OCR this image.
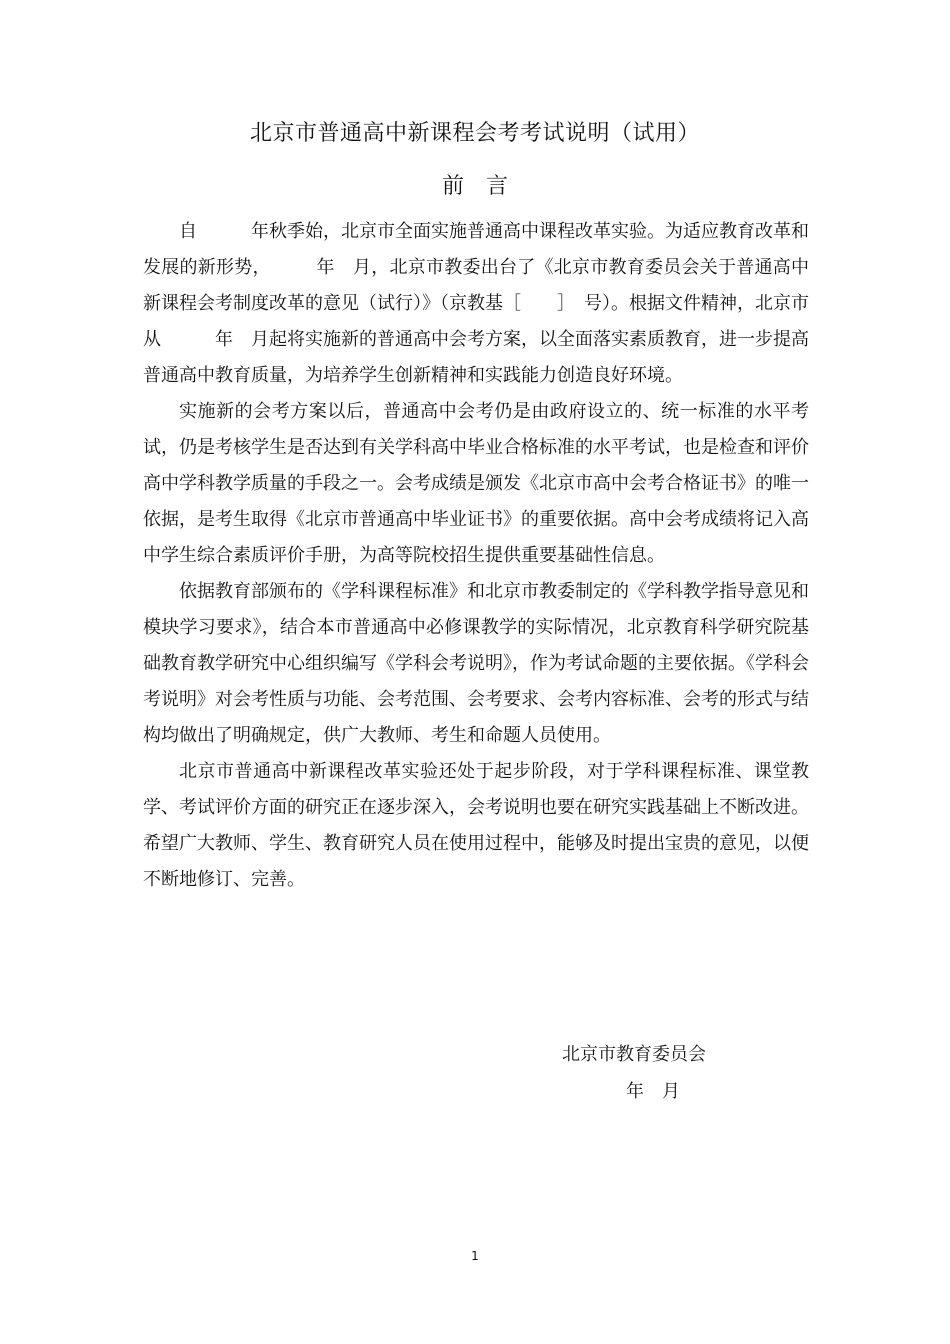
北京市普通高中新课程会考考试说明（试用）
前　言

自　　　年秋季始，北京市全面实施普通高中课程改革实验。为适应教育改革和发展的新形势，　　　年　月，北京市教委出台了《北京市教育委员会关于普通高中新课程会考制度改革的意见（试行）》（京教基［　　］　号）。根据文件精神，北京市从　　　年　月起将实施新的普通高中会考方案，以全面落实素质教育，进一步提高普通高中教育质量，为培养学生创新精神和实践能力创造良好环境。

实施新的会考方案以后，普通高中会考仍是由政府设立的、统一标准的水平考试，仍是考核学生是否达到有关学科高中毕业合格标准的水平考试，也是检查和评价高中学科教学质量的手段之一。会考成绩是颁发《北京市高中会考合格证书》的唯一依据，是考生取得《北京市普通高中毕业证书》的重要依据。高中会考成绩将记入高中学生综合素质评价手册，为高等院校招生提供重要基础性信息。

依据教育部颁布的《学科课程标准》和北京市教委制定的《学科教学指导意见和模块学习要求》，结合本市普通高中必修课教学的实际情况，北京教育科学研究院基础教育教学研究中心组织编写《学科会考说明》，作为考试命题的主要依据。《学科会考说明》对会考性质与功能、会考范围、会考要求、会考内容标准、会考的形式与结构均做出了明确规定，供广大教师、考生和命题人员使用。

北京市普通高中新课程改革实验还处于起步阶段，对于学科课程标准、课堂教学、考试评价方面的研究正在逐步深入，会考说明也要在研究实践基础上不断改进。希望广大教师、学生、教育研究人员在使用过程中，能够及时提出宝贵的意见，以便不断地修订、完善。

北京市教育委员会
年　月
1
